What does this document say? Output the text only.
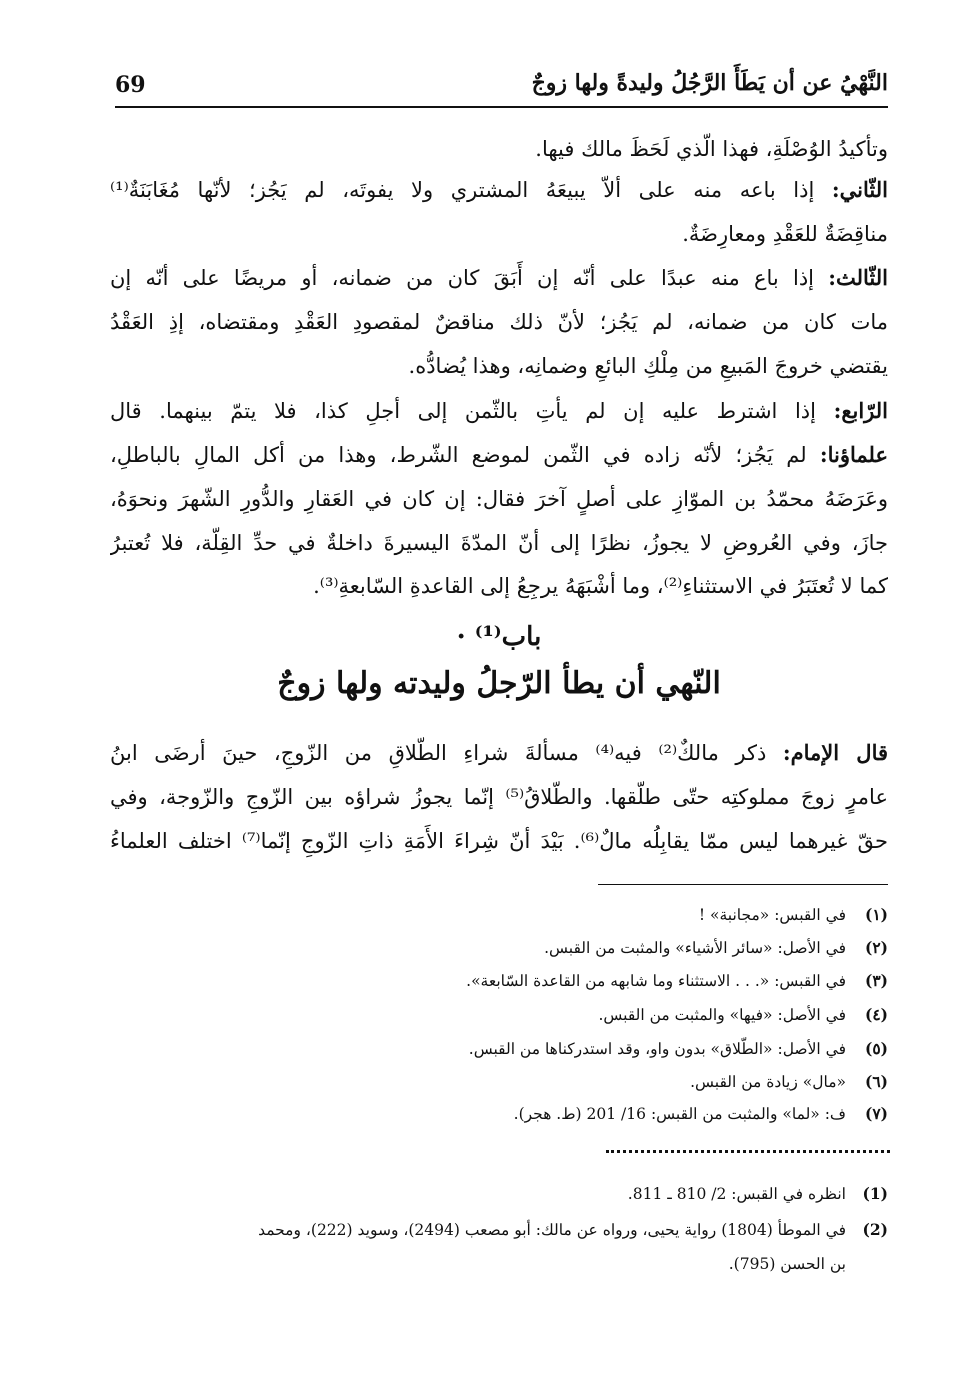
69	النَّهْيُ عن أن يَطَأَ الرَّجُلُ وليدةً ولها زوجٌ
وتأكيدُ الوُصْلَةِ، فهذا الّذي لَحَظَ مالك فيها.
الثّاني: إذا باعه منه على ألاّ يبيعَهُ المشتري ولا يفوتَه، لم يَجُز؛ لأنّها مُغَابَنَةٌ⁽¹⁾
مناقِضَةٌ للعَقْدِ ومعارِضَةٌ.
الثّالث: إذا باع منه عبدًا على أنّه إن أَبَقَ كان من ضمانه، أو مريضًا على أنّه إن
مات كان من ضمانه، لم يَجُز؛ لأنّ ذلك مناقضٌ لمقصودِ العَقْدِ ومقتضاه، إذِ العَقْدُ
يقتضي خروجَ المَبيعِ من مِلْكِ البائعِ وضمانِه، وهذا يُضادُّه.
الرّابع: إذا اشترط عليه إن لم يأتِ بالثّمن إلى أجلِ كذا، فلا يتمّ بينهما. قال
علماؤنا: لم يَجُز؛ لأنّه زاده في الثّمن لموضع الشّرط، وهذا من أكل المالِ بالباطلِ،
وعَرَضَهُ محمّدُ بن الموّازِ على أصلٍ آخرَ فقال: إن كان في العَقارِ والدُّورِ الشّهرَ ونحوَهُ،
جازَ، وفي العُروضِ لا يجوزُ، نظرًا إلى أنّ المدّةَ اليسيرةَ داخلةٌ في حدِّ القِلّة، فلا تُعتبرُ
كما لا تُعتَبَرُ في الاستثناءِ⁽²⁾، وما أشْبَهَهُ يرجِعُ إلى القاعدةِ السّابعةِ⁽³⁾.
باب⁽¹⁾ ·
النّهي أن يطأ الرّجلُ وليدته ولها زوجٌ
قال الإمام: ذكر مالكٌ⁽²⁾ فيه⁽⁴⁾ مسألةَ شراءِ الطّلاقِ من الزّوجِ، حينَ أرضَى ابنُ
عامرٍ زوجَ مملوكتِه حتّى طلّقها. والطّلاقُ⁽⁵⁾ إنّما يجوزُ شراؤه بين الزّوجِ والزّوجة، وفي
حقّ غيرهما ليس ممّا يقابِلُه مالٌ⁽⁶⁾. بَيْدَ أنّ شِراءَ الأَمَةِ ذاتِ الزّوجِ إنّما⁽⁷⁾ اختلف العلماءُ
(١)في القبس: «مجانبة» !
(٢)في الأصل: «سائر الأشياء» والمثبت من القبس.
(٣)في القبس: «. . . الاستثناء وما شابهه من القاعدة السّابعة».
(٤)في الأصل: «فيها» والمثبت من القبس.
(٥)في الأصل: «الطّلاق» بدون واو، وقد استدركناها من القبس.
(٦)«مال» زيادة من القبس.
(٧)ف: «لما» والمثبت من القبس: 16/ 201 (ط. هجر).
(1)انظره في القبس: 2/ 810 ـ 811.
(2)في الموطأ (1804) رواية يحيى، ورواه عن مالك: أبو مصعب (2494)، وسويد (222)، ومحمد
بن الحسن (795).
